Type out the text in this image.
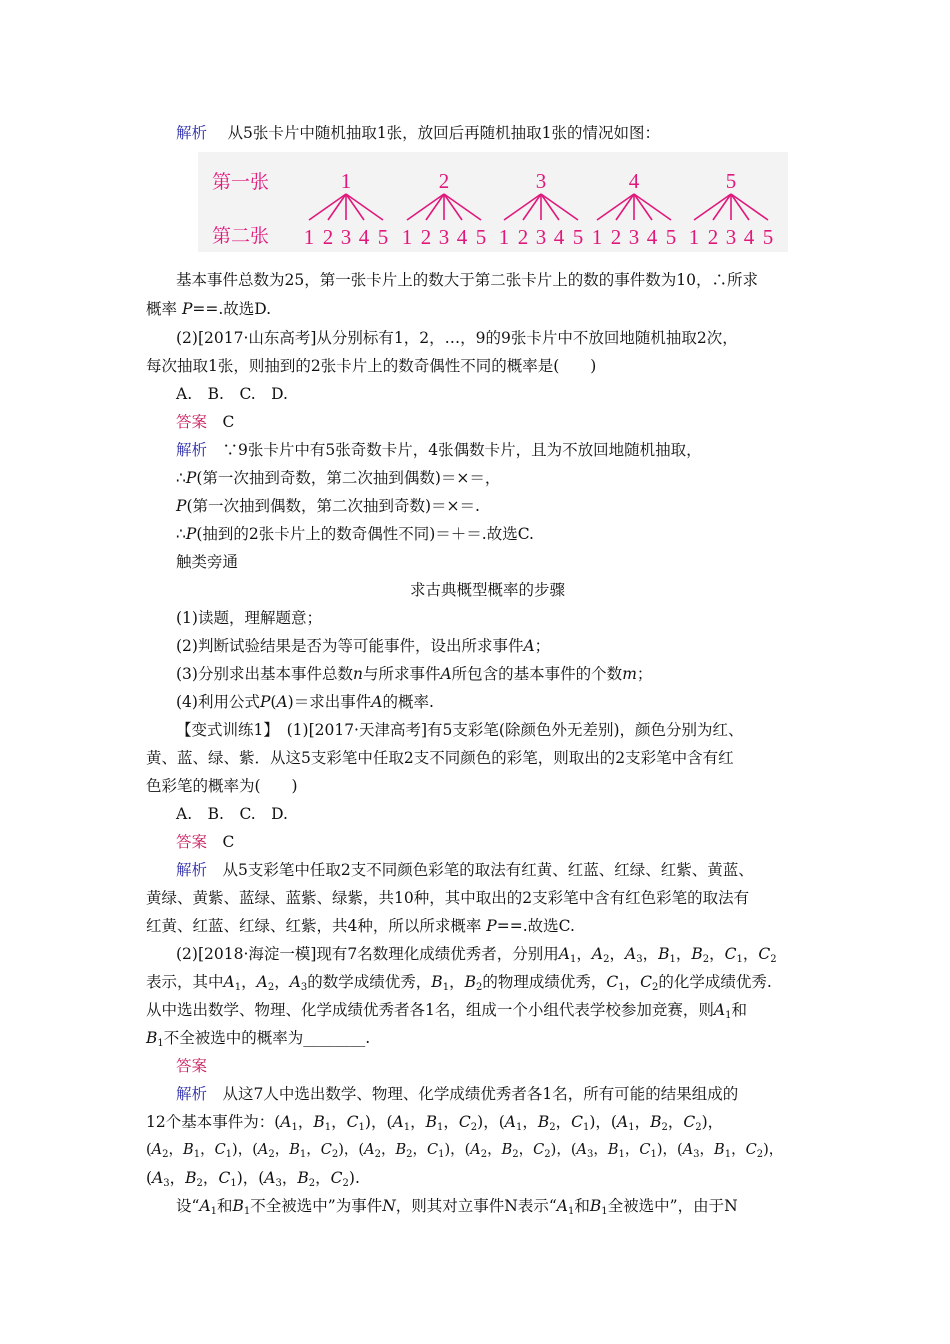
解析　 从5张卡片中随机抽取1张，放回后再随机抽取1张的情况如图：
第一张
第二张
1
1 2 3 4 5
2
1 2 3 4 5
3
1 2 3 4 5
4
1 2 3 4 5
5
1 2 3 4 5
基本事件总数为25，第一张卡片上的数大于第二张卡片上的数的事件数为10，∴所求
概率 P==.故选D.
(2)[2017·山东高考]从分别标有1，2，…，9的9张卡片中不放回地随机抽取2次，
每次抽取1张，则抽到的2张卡片上的数奇偶性不同的概率是(　　)
A.　B.　C.　D.
答案　 C
解析　 ∵9张卡片中有5张奇数卡片，4张偶数卡片，且为不放回地随机抽取，
∴P(第一次抽到奇数，第二次抽到偶数)＝×＝，
P(第一次抽到偶数，第二次抽到奇数)＝×＝.
∴P(抽到的2张卡片上的数奇偶性不同)＝＋＝.故选C.
触类旁通
求古典概型概率的步骤
(1)读题，理解题意；
(2)判断试验结果是否为等可能事件，设出所求事件A；
(3)分别求出基本事件总数n与所求事件A所包含的基本事件的个数m；
(4)利用公式P(A)＝求出事件A的概率.
【变式训练1】　(1)[2017·天津高考]有5支彩笔(除颜色外无差别)，颜色分别为红、
黄、蓝、绿、紫．从这5支彩笔中任取2支不同颜色的彩笔，则取出的2支彩笔中含有红
色彩笔的概率为(　　)
A.　B.　C.　D.
答案　 C
解析　 从5支彩笔中任取2支不同颜色彩笔的取法有红黄、红蓝、红绿、红紫、黄蓝、
黄绿、黄紫、蓝绿、蓝紫、绿紫，共10种，其中取出的2支彩笔中含有红色彩笔的取法有
红黄、红蓝、红绿、红紫，共4种，所以所求概率 P==.故选C.
(2)[2018·海淀一模]现有7名数理化成绩优秀者，分别用$A_1$，$A_2$，$A_3$，$B_1$，$B_2$，$C_1$，$C_2$
表示，其中$A_1$，$A_2$，$A_3$的数学成绩优秀，$B_1$，$B_2$的物理成绩优秀，$C_1$，$C_2$的化学成绩优秀.
从中选出数学、物理、化学成绩优秀者各1名，组成一个小组代表学校参加竞赛，则$A_1$和
$B_1$不全被选中的概率为________.
答案
解析　 从这7人中选出数学、物理、化学成绩优秀者各1名，所有可能的结果组成的
12个基本事件为：($A_1$，$B_1$，$C_1$)，($A_1$，$B_1$，$C_2$)，($A_1$，$B_2$，$C_1$)，($A_1$，$B_2$，$C_2$)，
($A_2$，$B_1$，$C_1$)，($A_2$，$B_1$，$C_2$)，($A_2$，$B_2$，$C_1$)，($A_2$，$B_2$，$C_2$)，($A_3$，$B_1$，$C_1$)，($A_3$，$B_1$，$C_2$)，
($A_3$，$B_2$，$C_1$)，($A_3$，$B_2$，$C_2$).
设“$A_1$和$B_1$不全被选中”为事件N，则其对立事件N表示“$A_1$和$B_1$全被选中”，由于N
